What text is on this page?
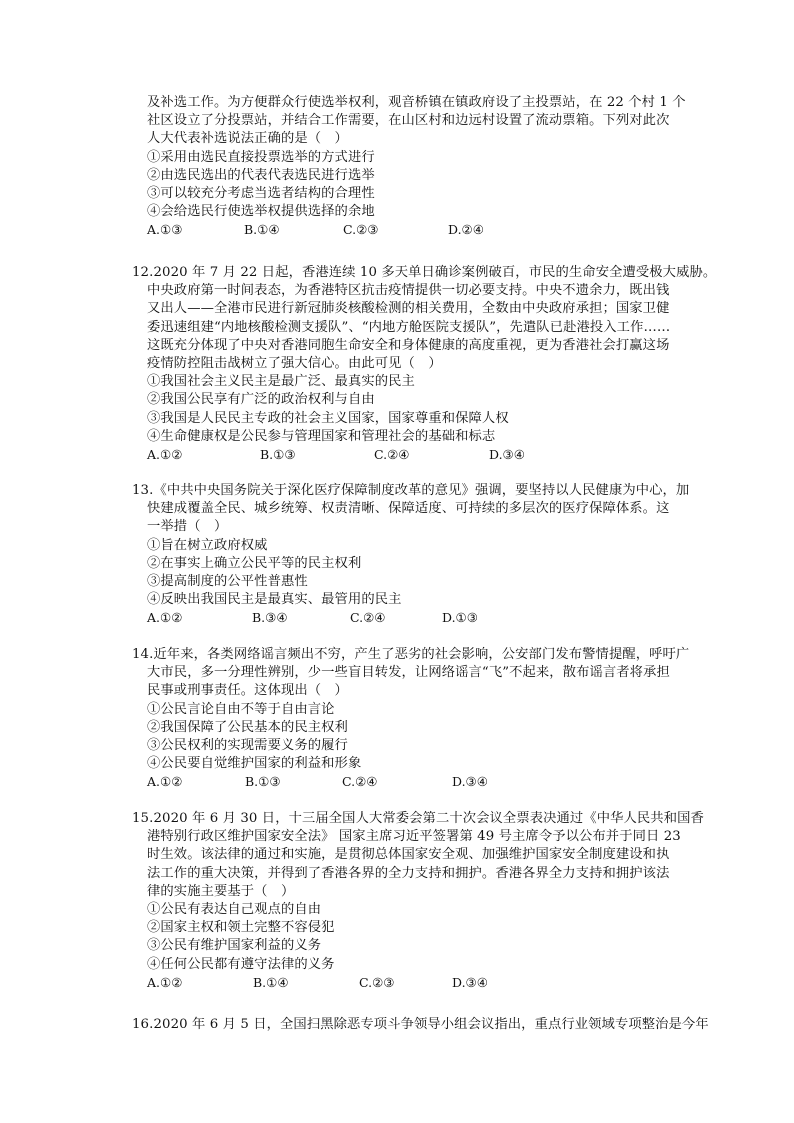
及补选工作。为方便群众行使选举权利，观音桥镇在镇政府设了主投票站，在 22 个村 1 个
社区设立了分投票站，并结合工作需要，在山区村和边远村设置了流动票箱。下列对此次
人大代表补选说法正确的是（　）
①采用由选民直接投票选举的方式进行
②由选民选出的代表代表选民进行选举
③可以较充分考虑当选者结构的合理性
④会给选民行使选举权提供选择的余地
A.①③	B.①④	C.②③	D.②④
12.2020 年 7 月 22 日起，香港连续 10 多天单日确诊案例破百，市民的生命安全遭受极大威胁。
中央政府第一时间表态，为香港特区抗击疫情提供一切必要支持。中央不遗余力，既出钱
又出人——全港市民进行新冠肺炎核酸检测的相关费用，全数由中央政府承担；国家卫健
委迅速组建“内地核酸检测支援队”、“内地方舱医院支援队”，先遣队已赴港投入工作……
这既充分体现了中央对香港同胞生命安全和身体健康的高度重视，更为香港社会打赢这场
疫情防控阻击战树立了强大信心。由此可见（　）
①我国社会主义民主是最广泛、最真实的民主
②我国公民享有广泛的政治权利与自由
③我国是人民民主专政的社会主义国家，国家尊重和保障人权
④生命健康权是公民参与管理国家和管理社会的基础和标志
A.①②	B.①③	C.②④	D.③④
13.《中共中央国务院关于深化医疗保障制度改革的意见》强调，要坚持以人民健康为中心，加
快建成覆盖全民、城乡统筹、权责清晰、保障适度、可持续的多层次的医疗保障体系。这
一举措（　）
①旨在树立政府权威
②在事实上确立公民平等的民主权利
③提高制度的公平性普惠性
④反映出我国民主是最真实、最管用的民主
A.①②	B.③④	C.②④	D.①③
14.近年来，各类网络谣言频出不穷，产生了恶劣的社会影响，公安部门发布警情提醒，呼吁广
大市民，多一分理性辨别，少一些盲目转发，让网络谣言“飞”不起来，散布谣言者将承担
民事或刑事责任。这体现出（　）
①公民言论自由不等于自由言论
②我国保障了公民基本的民主权利
③公民权利的实现需要义务的履行
④公民要自觉维护国家的利益和形象
A.①②	B.①③	C.②④	D.③④
15.2020 年 6 月 30 日，十三届全国人大常委会第二十次会议全票表决通过《中华人民共和国香
港特别行政区维护国家安全法》 国家主席习近平签署第 49 号主席令予以公布并于同日 23
时生效。该法律的通过和实施，是贯彻总体国家安全观、加强维护国家安全制度建设和执
法工作的重大决策，并得到了香港各界的全力支持和拥护。香港各界全力支持和拥护该法
律的实施主要基于（　）
①公民有表达自己观点的自由
②国家主权和领土完整不容侵犯
③公民有维护国家利益的义务
④任何公民都有遵守法律的义务
A.①②	B.①④	C.②③	D.③④
16.2020 年 6 月 5 日，全国扫黑除恶专项斗争领导小组会议指出，重点行业领域专项整治是今年
